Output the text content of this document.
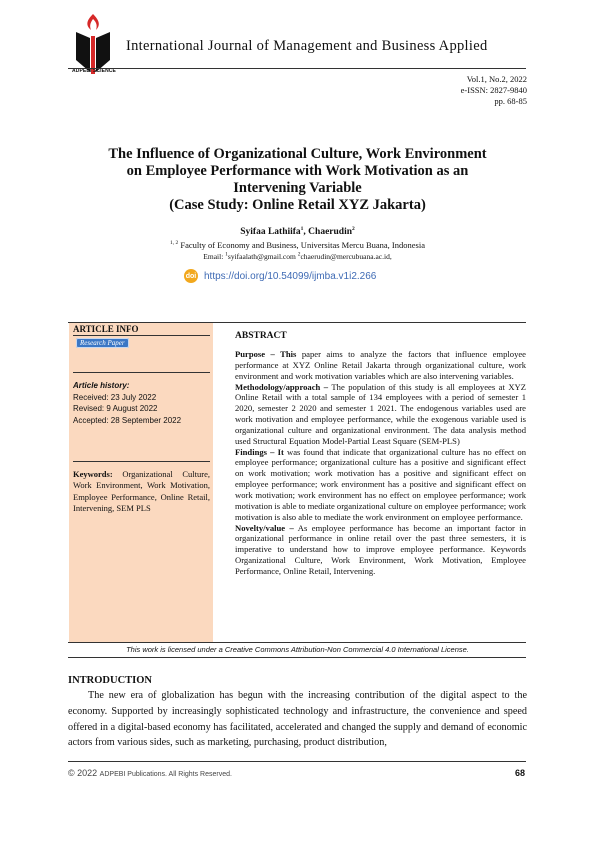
ADPEBI SCIENCE
International Journal of Management and Business Applied
Vol.1, No.2, 2022
e-ISSN: 2827-9840
pp. 68-85
The Influence of Organizational Culture, Work Environment
on Employee Performance with Work Motivation as an
Intervening Variable
(Case Study: Online Retail XYZ Jakarta)
Syifaa Lathiifa$^1$, Chaerudin$^2$
$^{1, 2}$ Faculty of Economy and Business, Universitas Mercu Buana, Indonesia
Email: $^1$syifaalath@gmail.com $^2$chaerudin@mercubuana.ac.id,
doi https://doi.org/10.54099/ijmba.v1i2.266
ARTICLE INFO
Research Paper
Article history:
Received: 23 July 2022
Revised: 9 August 2022
Accepted: 28 September 2022
Keywords: Organizational Culture, Work Environment, Work Motivation, Employee Performance, Online Retail, Intervening, SEM PLS
ABSTRACT

Purpose – This paper aims to analyze the factors that influence employee performance at XYZ Online Retail Jakarta through organizational culture, work environment and work motivation variables which are also intervening variables.

Methodology/approach – The population of this study is all employees at XYZ Online Retail with a total sample of 134 employees with a period of semester 1 2020, semester 2 2020 and semester 1 2021. The endogenous variables used are work motivation and employee performance, while the exogenous variable used is organizational culture and organizational environment. The data analysis method used Structural Equation Model-Partial Least Square (SEM-PLS)

Findings – It was found that indicate that organizational culture has no effect on employee performance; organizational culture has a positive and significant effect on work motivation; work motivation has a positive and significant effect on employee performance; work environment has a positive and significant effect on work motivation; work environment has no effect on employee performance; work motivation is able to mediate organizational culture on employee performance; work motivation is also able to mediate the work environment on employee performance.

Novelty/value – As employee performance has become an important factor in organizational performance in online retail over the past three semesters, it is imperative to understand how to improve employee performance. Keywords Organizational Culture, Work Environment, Work Motivation, Employee Performance, Online Retail, Intervening.

This work is licensed under a Creative Commons Attribution-Non Commercial 4.0 International License.
INTRODUCTION
The new era of globalization has begun with the increasing contribution of the digital aspect to the economy. Supported by increasingly sophisticated technology and infrastructure, the convenience and speed offered in a digital-based economy has facilitated, accelerated and changed the supply and demand of economic actors from various sides, such as marketing, purchasing, product distribution,
© 2022 ADPEBI Publications. All Rights Reserved.	68
